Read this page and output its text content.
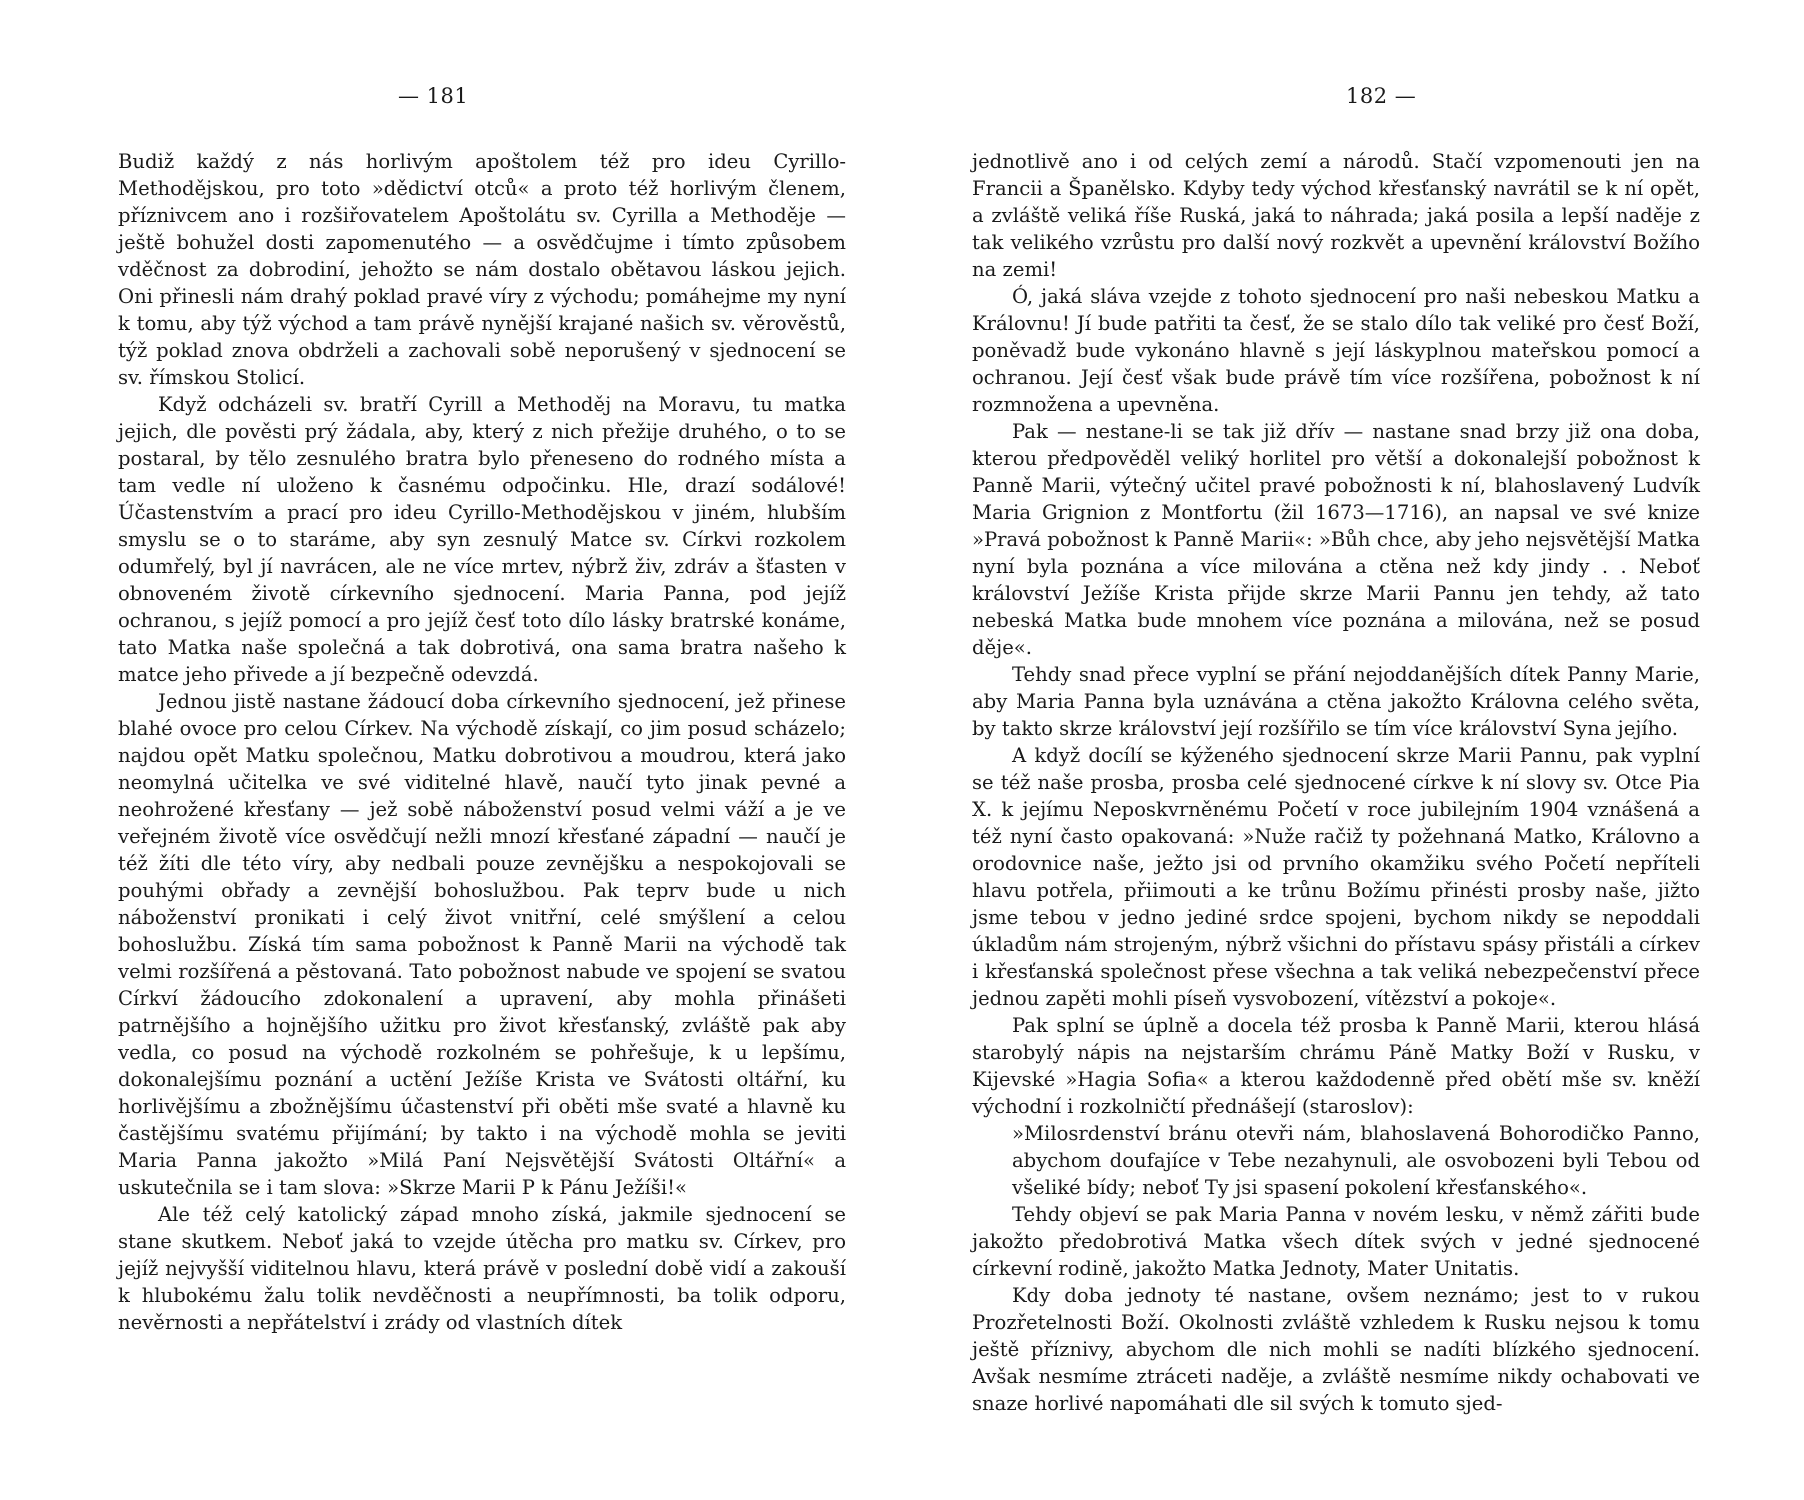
— 181

Budiž každý z nás horlivým apoštolem též pro ideu Cyrillo-Methodějskou, pro toto »dědictví otců« a proto též horlivým členem, příznivcem ano i rozšiřovatelem Apoštolátu sv. Cyrilla a Methoděje — ještě bohužel dosti zapomenutého — a osvědčujme i tímto způsobem vděčnost za dobrodiní, jehožto se nám dostalo obětavou láskou jejich. Oni přinesli nám drahý poklad pravé víry z východu; pomáhejme my nyní k tomu, aby týž východ a tam právě nynější krajané našich sv. věrověstů, týž poklad znova obdrželi a zachovali sobě neporušený v sjednocení se sv. římskou Stolicí.

Když odcházeli sv. bratří Cyrill a Methoděj na Moravu, tu matka jejich, dle pověsti prý žádala, aby, který z nich přežije druhého, o to se postaral, by tělo zesnulého bratra bylo přeneseno do rodného místa a tam vedle ní uloženo k časnému odpočinku. Hle, drazí sodálové! Účastenstvím a prací pro ideu Cyrillo-Methodějskou v jiném, hlubším smyslu se o to staráme, aby syn zesnulý Matce sv. Církvi rozkolem odumřelý, byl jí navrácen, ale ne více mrtev, nýbrž živ, zdráv a šťasten v obnoveném životě církevního sjednocení. Maria Panna, pod jejíž ochranou, s jejíž pomocí a pro jejíž česť toto dílo lásky bratrské konáme, tato Matka naše společná a tak dobrotivá, ona sama bratra našeho k matce jeho přivede a jí bezpečně odevzdá.

Jednou jistě nastane žádoucí doba církevního sjednocení, jež přinese blahé ovoce pro celou Církev. Na východě získají, co jim posud scházelo; najdou opět Matku společnou, Matku dobrotivou a moudrou, která jako neomylná učitelka ve své viditelné hlavě, naučí tyto jinak pevné a neohrožené křesťany — jež sobě náboženství posud velmi váží a je ve veřejném životě více osvědčují nežli mnozí křesťané západní — naučí je též žíti dle této víry, aby nedbali pouze zevnějšku a nespokojovali se pouhými obřady a zevnější bohoslužbou. Pak teprv bude u nich náboženství pronikati i celý život vnitřní, celé smýšlení a celou bohoslužbu. Získá tím sama pobožnost k Panně Marii na východě tak velmi rozšířená a pěstovaná. Tato pobožnost nabude ve spojení se svatou Církví žádoucího zdokonalení a upravení, aby mohla přinášeti patrnějšího a hojnějšího užitku pro život křesťanský, zvláště pak aby vedla, co posud na východě rozkolném se pohřešuje, k u lepšímu, dokonalejšímu poznání a uctění Ježíše Krista ve Svátosti oltářní, ku horlivějšímu a zbožnějšímu účastenství při oběti mše svaté a hlavně ku častějšímu svatému přijímání; by takto i na východě mohla se jeviti Maria Panna jakožto »Milá Paní Nejsvětější Svátosti Oltářní« a uskutečnila se i tam slova: »Skrze Marii P k Pánu Ježíši!«

Ale též celý katolický západ mnoho získá, jakmile sjednocení se stane skutkem. Neboť jaká to vzejde útěcha pro matku sv. Církev, pro jejíž nejvyšší viditelnou hlavu, která právě v poslední době vidí a zakouší k hlubokému žalu tolik nevděčnosti a neupřímnosti, ba tolik odporu, nevěrnosti a nepřátelství i zrády od vlastních dítek

182 —

jednotlivě ano i od celých zemí a národů. Stačí vzpomenouti jen na Francii a Španělsko. Kdyby tedy východ křesťanský navrátil se k ní opět, a zvláště veliká říše Ruská, jaká to náhrada; jaká posila a lepší naděje z tak velikého vzrůstu pro další nový rozkvět a upevnění království Božího na zemi!

Ó, jaká sláva vzejde z tohoto sjednocení pro naši nebeskou Matku a Královnu! Jí bude patřiti ta česť, že se stalo dílo tak veliké pro česť Boží, poněvadž bude vykonáno hlavně s její láskyplnou mateřskou pomocí a ochranou. Její česť však bude právě tím více rozšířena, pobožnost k ní rozmnožena a upevněna.

Pak — nestane-li se tak již dřív — nastane snad brzy již ona doba, kterou předpověděl veliký horlitel pro větší a dokonalejší pobožnost k Panně Marii, výtečný učitel pravé pobožnosti k ní, blahoslavený Ludvík Maria Grignion z Montfortu (žil 1673—1716), an napsal ve své knize »Pravá pobožnost k Panně Marii«: »Bůh chce, aby jeho nejsvětější Matka nyní byla poznána a více milována a ctěna než kdy jindy . . Neboť království Ježíše Krista přijde skrze Marii Pannu jen tehdy, až tato nebeská Matka bude mnohem více poznána a milována, než se posud děje«.

Tehdy snad přece vyplní se přání nejoddanějších dítek Panny Marie, aby Maria Panna byla uznávána a ctěna jakožto Královna celého světa, by takto skrze království její rozšířilo se tím více království Syna jejího.

A když docílí se kýženého sjednocení skrze Marii Pannu, pak vyplní se též naše prosba, prosba celé sjednocené církve k ní slovy sv. Otce Pia X. k jejímu Neposkvrněnému Početí v roce jubilejním 1904 vznášená a též nyní často opakovaná: »Nuže račiž ty požehnaná Matko, Královno a orodovnice naše, ježto jsi od prvního okamžiku svého Početí nepříteli hlavu potřela, přiimouti a ke trůnu Božímu přinésti prosby naše, jižto jsme tebou v jedno jediné srdce spojeni, bychom nikdy se nepoddali úkladům nám strojeným, nýbrž všichni do přístavu spásy přistáli a církev i křesťanská společnost přese všechna a tak veliká nebezpečenství přece jednou zapěti mohli píseň vysvobození, vítězství a pokoje«.

Pak splní se úplně a docela též prosba k Panně Marii, kterou hlásá starobylý nápis na nejstarším chrámu Páně Matky Boží v Rusku, v Kijevské »Hagia Sofia« a kterou každodenně před obětí mše sv. kněží východní i rozkolničtí přednášejí (staroslov):

»Milosrdenství bránu otevři nám, blahoslavená Bohorodičko Panno, abychom doufajíce v Tebe nezahynuli, ale osvobozeni byli Tebou od všeliké bídy; neboť Ty jsi spasení pokolení křesťanského«.

Tehdy objeví se pak Maria Panna v novém lesku, v němž zářiti bude jakožto předobrotivá Matka všech dítek svých v jedné sjednocené církevní rodině, jakožto Matka Jednoty, Mater Unitatis.

Kdy doba jednoty té nastane, ovšem neznámo; jest to v rukou Prozřetelnosti Boží. Okolnosti zvláště vzhledem k Rusku nejsou k tomu ještě příznivy, abychom dle nich mohli se nadíti blízkého sjednocení. Avšak nesmíme ztráceti naděje, a zvláště nesmíme nikdy ochabovati ve snaze horlivé napomáhati dle sil svých k tomuto sjed-
